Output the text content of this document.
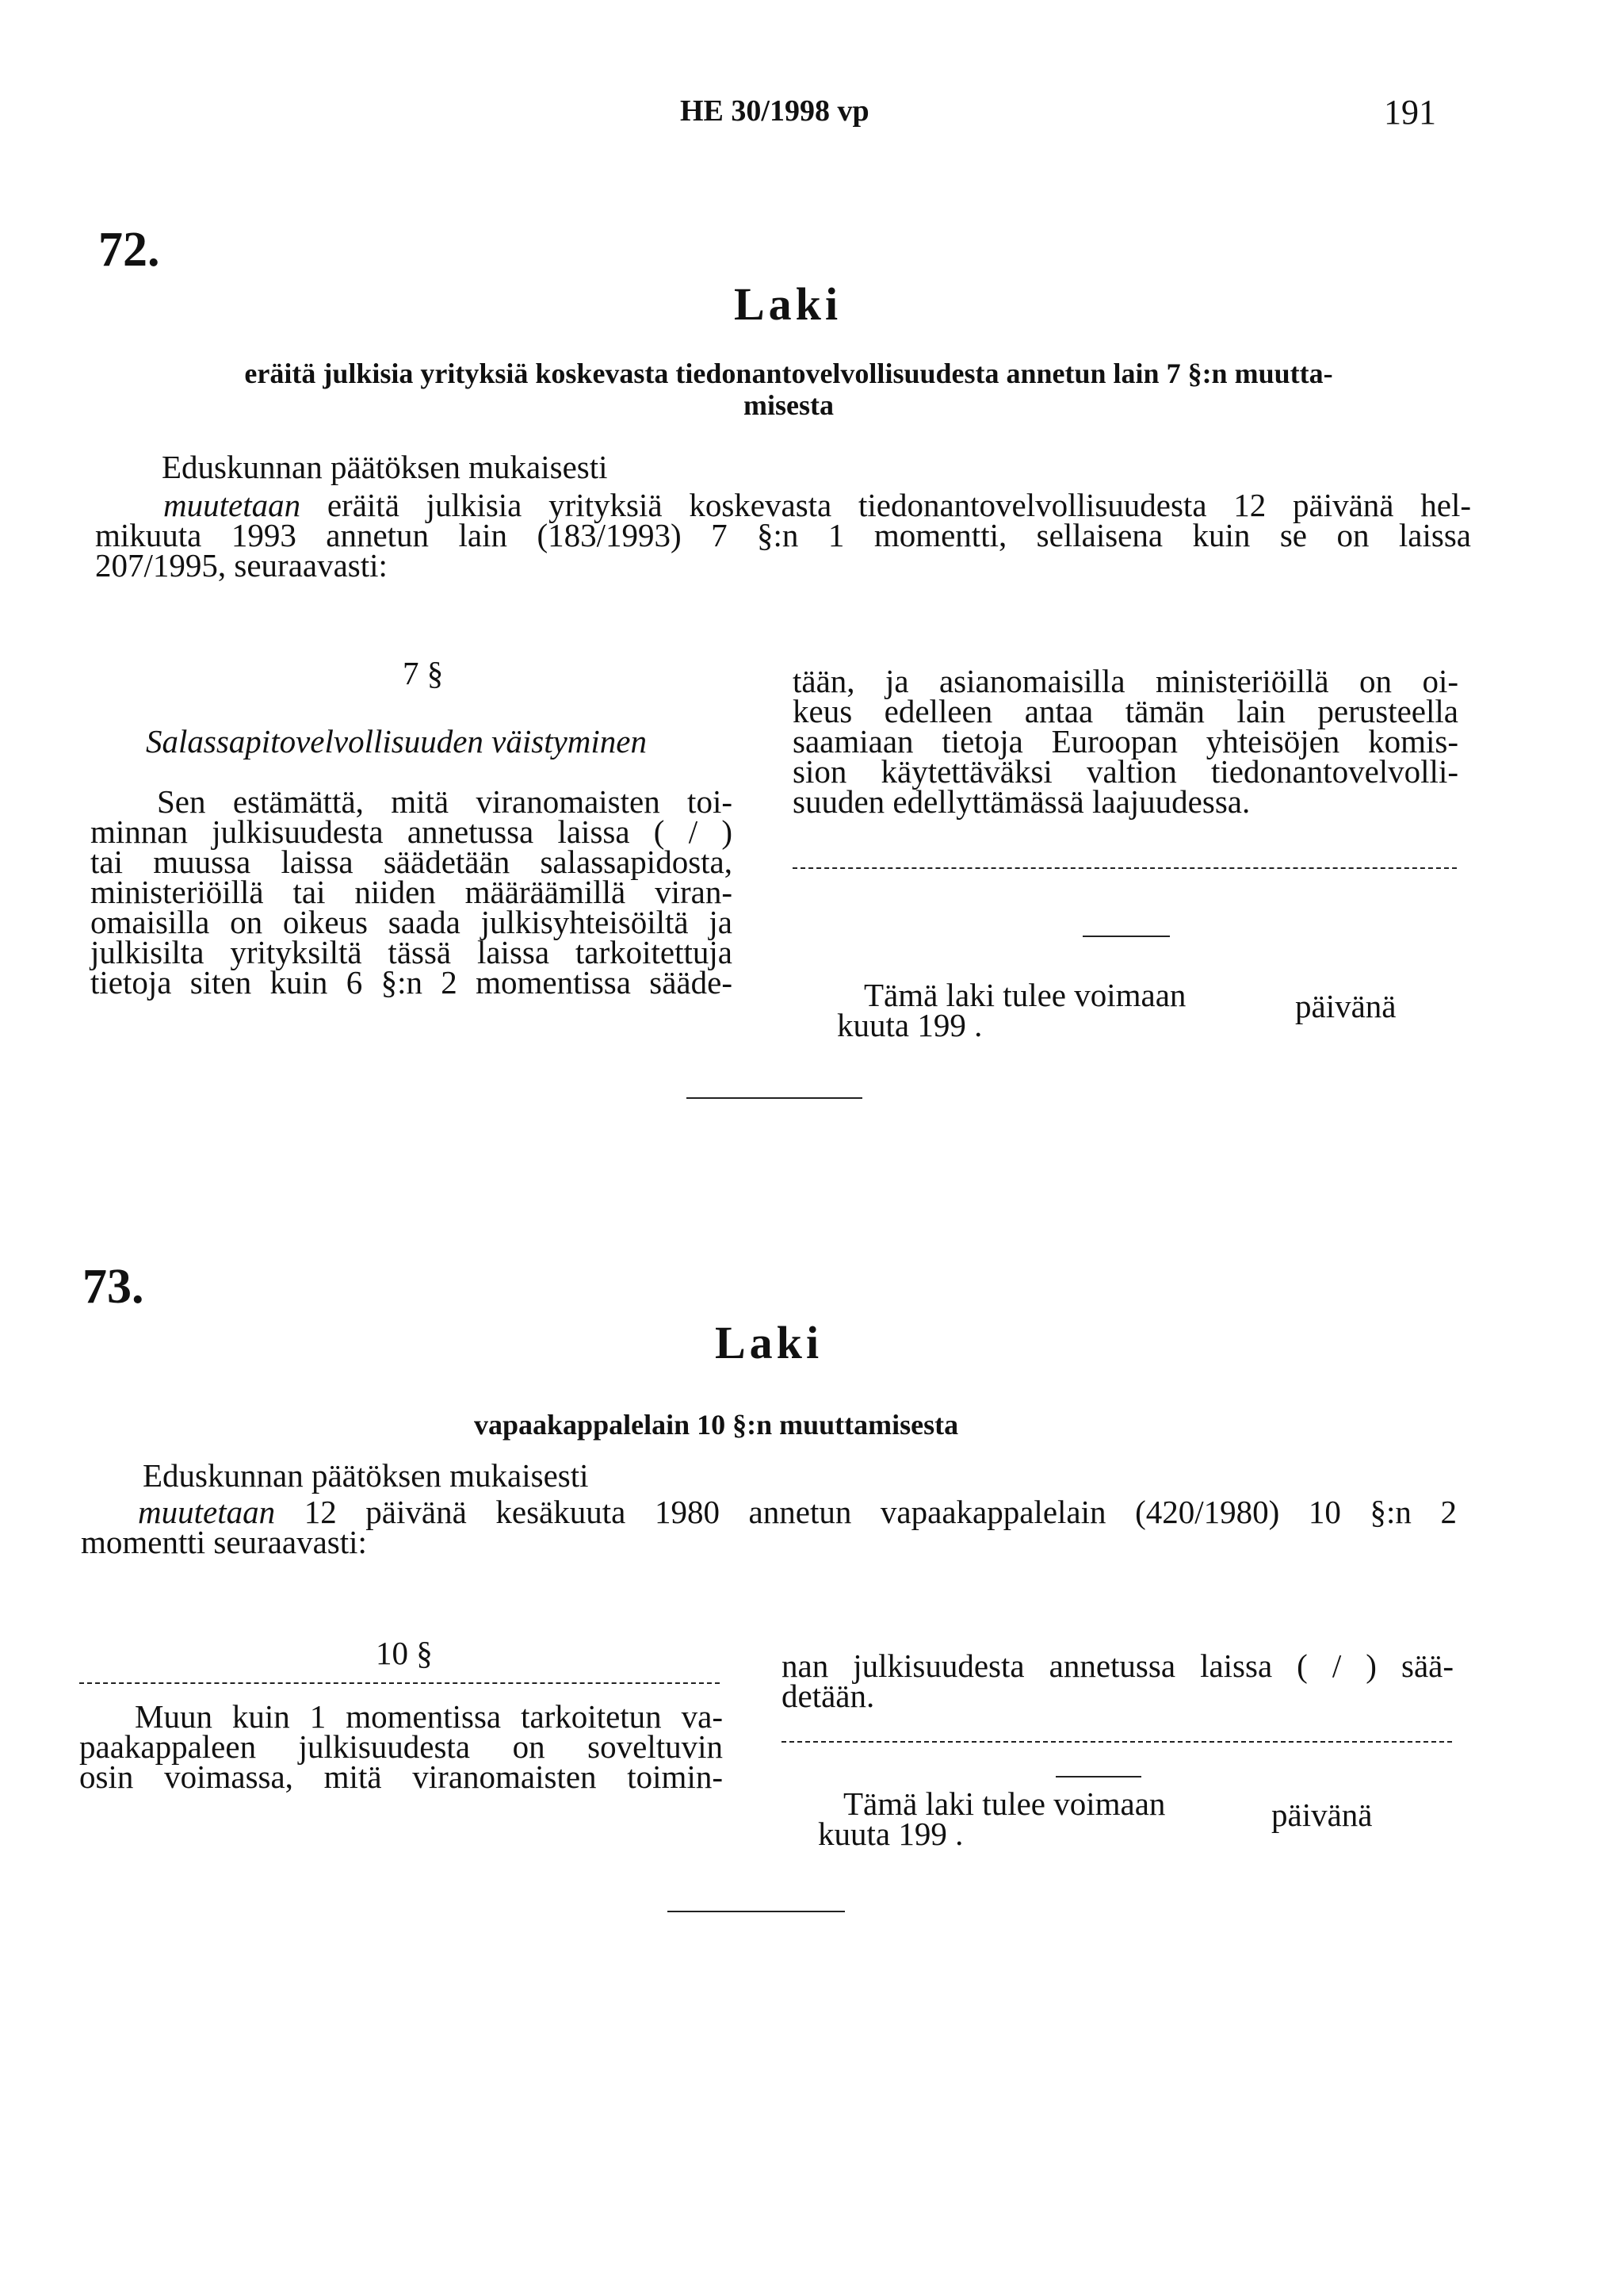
HE 30/1998 vp	191
72.
Laki
eräitä julkisia yrityksiä koskevasta tiedonantovelvollisuudesta annetun lain 7 §:n muutta-
misesta
Eduskunnan päätöksen mukaisesti

muutetaan eräitä julkisia yrityksiä koskevasta tiedonantovelvollisuudesta 12 päivänä hel-

mikuuta 1993 annetun lain (183/1993) 7 §:n 1 momentti, sellaisena kuin se on laissa

207/1995, seuraavasti:

7 §
Salassapitovelvollisuuden väistyminen

Sen estämättä, mitä viranomaisten toi-

minnan julkisuudesta annetussa laissa ( / )

tai muussa laissa säädetään salassapidosta,

ministeriöillä tai niiden määräämillä viran-

omaisilla on oikeus saada julkisyhteisöiltä ja

julkisilta yrityksiltä tässä laissa tarkoitettuja

tietoja siten kuin 6 §:n 2 momentissa sääde-

tään, ja asianomaisilla ministeriöillä on oi-

keus edelleen antaa tämän lain perusteella

saamiaan tietoja Euroopan yhteisöjen komis-

sion käytettäväksi valtion tiedonantovelvolli-

suuden edellyttämässä laajuudessa.

Tämä laki tulee voimaan	päivänä
kuuta 199 .
73.
Laki
vapaakappalelain 10 §:n muuttamisesta
Eduskunnan päätöksen mukaisesti

muutetaan 12 päivänä kesäkuuta 1980 annetun vapaakappalelain (420/1980) 10 §:n 2

momentti seuraavasti:

10 §

Muun kuin 1 momentissa tarkoitetun va-

paakappaleen julkisuudesta on soveltuvin

osin voimassa, mitä viranomaisten toimin-

nan julkisuudesta annetussa laissa ( / ) sää-

detään.

Tämä laki tulee voimaan	päivänä
kuuta 199 .
